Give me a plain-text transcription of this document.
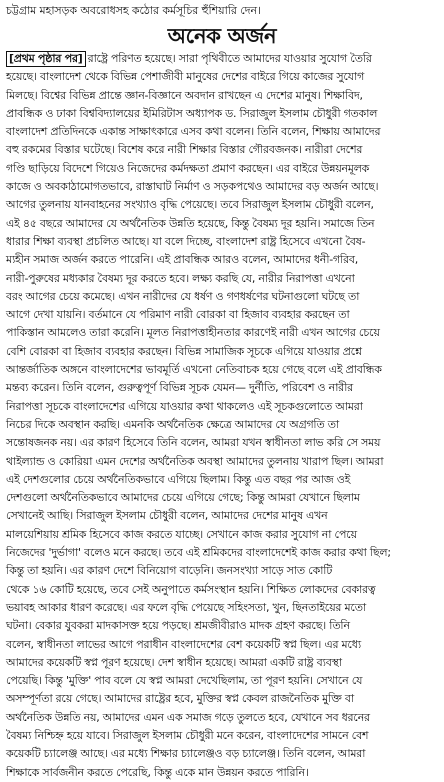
চট্টগ্রাম মহাসড়ক অবরোধসহ কঠোর কর্মসূচির হুঁশিয়ারি দেন।
অনেক অর্জন
[প্রথম পৃষ্ঠার পর] রাষ্ট্রে পরিণত হয়েছে। সারা পৃথিবীতে আমাদের যাওয়ার সুযোগ তৈরি
হয়েছে। বাংলাদেশ থেকে বিভিন্ন পেশাজীবী মানুষের দেশের বাইরে গিয়ে কাজের সুযোগ
মিলছে। বিশ্বের বিভিন্ন প্রান্তে জ্ঞান-বিজ্ঞানে অবদান রাখছেন এ দেশের মানুষ। শিক্ষাবিদ,
প্রাবন্ধিক ও ঢাকা বিশ্ববিদ্যালয়ের ইমিরিটাস অধ্যাপক ড. সিরাজুল ইসলাম চৌধুরী গতকাল
বাংলাদেশ প্রতিদিনকে একান্ত সাক্ষাৎকারে এসব কথা বলেন। তিনি বলেন, শিক্ষায় আমাদের
বহু রকমের বিস্তার ঘটেছে। বিশেষ করে নারী শিক্ষার বিস্তার গৌরবজনক। নারীরা দেশের
গণ্ডি ছাড়িয়ে বিদেশে গিয়েও নিজেদের কর্মদক্ষতা প্রমাণ করছেন। এর বাইরে উন্নয়নমূলক
কাজে ও অবকাঠামোগতভাবে, রাস্তাঘাট নির্মাণ ও সড়কপথেও আমাদের বড় অর্জন আছে।
আগের তুলনায় যানবাহনের সংখ্যাও বৃদ্ধি পেয়েছে। তবে সিরাজুল ইসলাম চৌধুরী বলেন,
এই ৪৫ বছরে আমাদের যে অর্থনৈতিক উন্নতি হয়েছে, কিন্তু বৈষম্য দূর হয়নি। সমাজে তিন
ধারার শিক্ষা ব্যবস্থা প্রচলিত আছে। যা বলে দিচ্ছে, বাংলাদেশ রাষ্ট্র হিসেবে এখনো বৈষ-
ম্যহীন সমাজ অর্জন করতে পারেনি। এই প্রাবন্ধিক আরও বলেন, আমাদের ধনী-গরিব,
নারী-পুরুষের মধ্যকার বৈষম্য দূর করতে হবে। লক্ষ্য করছি যে, নারীর নিরাপত্তা এখনো
বরং আগের চেয়ে কমেছে। এখন নারীদের যে ধর্ষণ ও গণধর্ষণের ঘটনাগুলো ঘটছে তা
আগে দেখা যায়নি। বর্তমানে যে পরিমাণ নারী বোরকা বা হিজাব ব্যবহার করছেন তা
পাকিস্তান আমলেও তারা করেনি। মূলত নিরাপত্তাহীনতার কারণেই নারী এখন আগের চেয়ে
বেশি বোরকা বা হিজাব ব্যবহার করছেন। বিভিন্ন সামাজিক সূচকে এগিয়ে যাওয়ার প্রশ্নে
আন্তর্জাতিক অঙ্গনে বাংলাদেশের ভাবমূর্তি এখনো নেতিবাচক হয়ে গেছে বলে এই প্রাবন্ধিক
মন্তব্য করেন। তিনি বলেন, গুরুত্বপূর্ণ বিভিন্ন সূচক যেমন— দুর্নীতি, পরিবেশ ও নারীর
নিরাপত্তা সূচকে বাংলাদেশের এগিয়ে যাওয়ার কথা থাকলেও এই সূচকগুলোতে আমরা
নিচের দিকে অবস্থান করছি। এমনকি অর্থনৈতিক ক্ষেত্রে আমাদের যে অগ্রগতি তা
সন্তোষজনক নয়। এর কারণ হিসেবে তিনি বলেন, আমরা যখন স্বাধীনতা লাভ করি সে সময়
থাইল্যান্ড ও কোরিয়া এমন দেশের অর্থনৈতিক অবস্থা আমাদের তুলনায় খারাপ ছিল। আমরা
এই দেশগুলোর চেয়ে অর্থনৈতিকভাবে এগিয়ে ছিলাম। কিন্তু এত বছর পর আজ ওই
দেশগুলো অর্থনৈতিকভাবে আমাদের চেয়ে এগিয়ে গেছে; কিন্তু আমরা যেখানে ছিলাম
সেখানেই আছি। সিরাজুল ইসলাম চৌধুরী বলেন, আমাদের দেশের মানুষ এখন
মালয়েশিয়ায় শ্রমিক হিসেবে কাজ করতে যাচ্ছে। সেখানে কাজ করার সুযোগ না পেয়ে
নিজেদের 'দুর্ভাগা' বলেও মনে করছে। তবে এই শ্রমিকদের বাংলাদেশেই কাজ করার কথা ছিল;
কিন্তু তা হয়নি। এর কারণ দেশে বিনিয়োগ বাড়েনি। জনসংখ্যা সাড়ে সাত কোটি
থেকে ১৬ কোটি হয়েছে, তবে সেই অনুপাতে কর্মসংস্থান হয়নি। শিক্ষিত লোকদের বেকারত্ব
ভয়াবহ আকার ধারণ করেছে। এর ফলে বৃদ্ধি পেয়েছে সহিংসতা, খুন, ছিনতাইয়ের মতো
ঘটনা। বেকার যুবকরা মাদকাসক্ত হয়ে পড়ছে। শ্রমজীবীরাও মাদক গ্রহণ করছে। তিনি
বলেন, স্বাধীনতা লাভের আগে পরাধীন বাংলাদেশের বেশ কয়েকটি স্বপ্ন ছিল। এর মধ্যে
আমাদের কয়েকটি স্বপ্ন পূরণ হয়েছে। দেশ স্বাধীন হয়েছে। আমরা একটি রাষ্ট্র ব্যবস্থা
পেয়েছি। কিন্তু 'মুক্তি' পাব বলে যে স্বপ্ন আমরা দেখেছিলাম, তা পূরণ হয়নি। সেখানে যে
অসম্পূর্ণতা রয়ে গেছে। আমাদের রাষ্ট্রের হবে, মুক্তির স্বপ্ন কেবল রাজনৈতিক মুক্তি বা
অর্থনৈতিক উন্নতি নয়, আমাদের এমন এক সমাজ গড়ে তুলতে হবে, যেখানে সব ধরনের
বৈষম্য নিশ্চিহ্ন হয়ে যাবে। সিরাজুল ইসলাম চৌধুরী মনে করেন, বাংলাদেশের সামনে বেশ
কয়েকটি চ্যালেঞ্জ আছে। এর মধ্যে শিক্ষার চ্যালেঞ্জও বড় চ্যালেঞ্জ। তিনি বলেন, আমরা
শিক্ষাকে সার্বজনীন করতে পেরেছি, কিন্তু একে মান উন্নয়ন করতে পারিনি।
